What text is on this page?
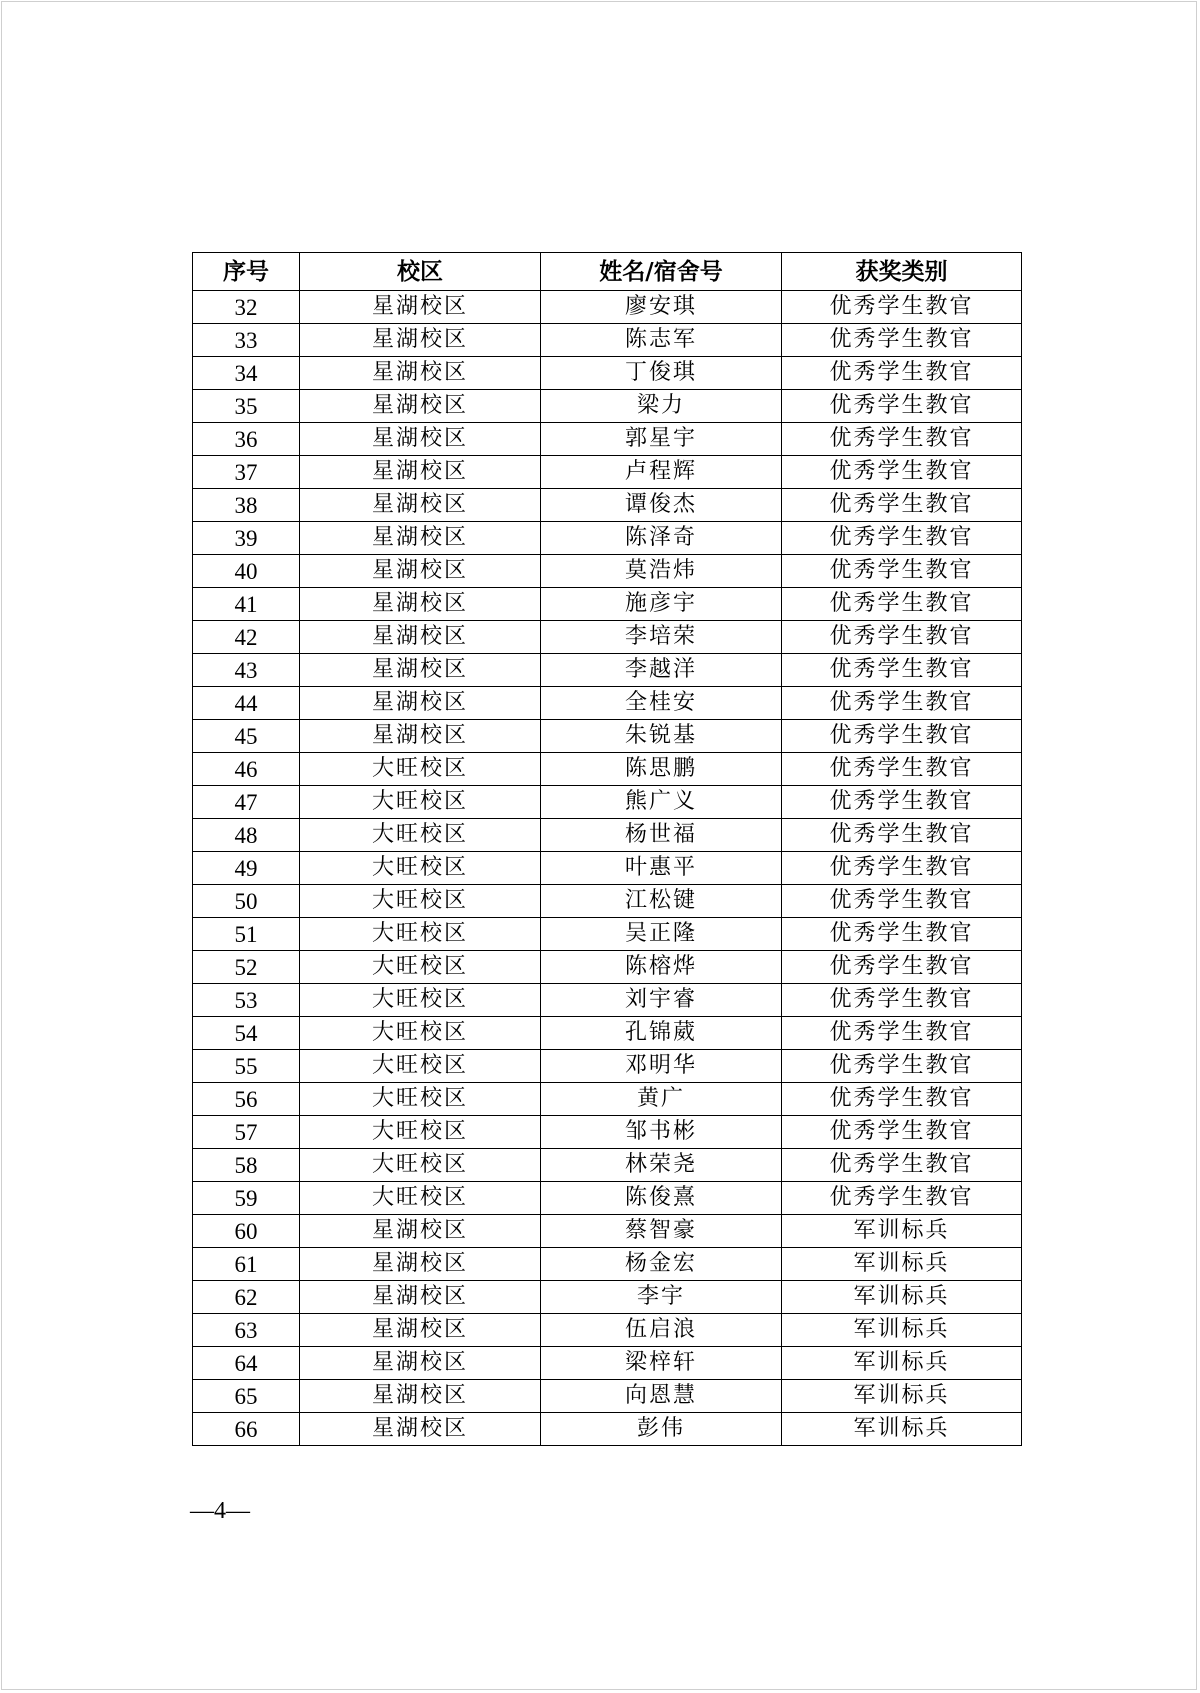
序号	校区	姓名/宿舍号	获奖类别
32	星湖校区	廖安琪	优秀学生教官
33	星湖校区	陈志军	优秀学生教官
34	星湖校区	丁俊琪	优秀学生教官
35	星湖校区	梁力	优秀学生教官
36	星湖校区	郭星宇	优秀学生教官
37	星湖校区	卢程辉	优秀学生教官
38	星湖校区	谭俊杰	优秀学生教官
39	星湖校区	陈泽奇	优秀学生教官
40	星湖校区	莫浩炜	优秀学生教官
41	星湖校区	施彦宇	优秀学生教官
42	星湖校区	李培荣	优秀学生教官
43	星湖校区	李越洋	优秀学生教官
44	星湖校区	全桂安	优秀学生教官
45	星湖校区	朱锐基	优秀学生教官
46	大旺校区	陈思鹏	优秀学生教官
47	大旺校区	熊广义	优秀学生教官
48	大旺校区	杨世福	优秀学生教官
49	大旺校区	叶惠平	优秀学生教官
50	大旺校区	江松键	优秀学生教官
51	大旺校区	吴正隆	优秀学生教官
52	大旺校区	陈榕烨	优秀学生教官
53	大旺校区	刘宇睿	优秀学生教官
54	大旺校区	孔锦葳	优秀学生教官
55	大旺校区	邓明华	优秀学生教官
56	大旺校区	黄广	优秀学生教官
57	大旺校区	邹书彬	优秀学生教官
58	大旺校区	林荣尧	优秀学生教官
59	大旺校区	陈俊熹	优秀学生教官
60	星湖校区	蔡智豪	军训标兵
61	星湖校区	杨金宏	军训标兵
62	星湖校区	李宇	军训标兵
63	星湖校区	伍启浪	军训标兵
64	星湖校区	梁梓轩	军训标兵
65	星湖校区	向恩慧	军训标兵
66	星湖校区	彭伟	军训标兵
—4—
